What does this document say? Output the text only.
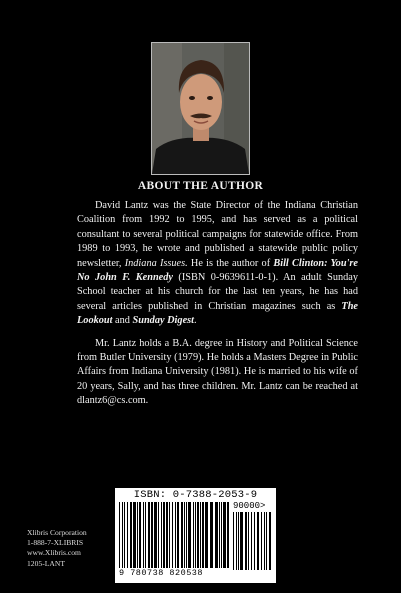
ABOUT THE AUTHOR

David Lantz was the State Director of the Indiana Christian Coalition from 1992 to 1995, and has served as a political consultant to several political campaigns for statewide office. From 1989 to 1993, he wrote and published a statewide public policy newsletter, Indiana Issues. He is the author of Bill Clinton: You're No John F. Kennedy (ISBN 0-9639611-0-1). An adult Sunday School teacher at his church for the last ten years, he has had several articles published in Christian magazines such as The Lookout and Sunday Digest.

Mr. Lantz holds a B.A. degree in History and Political Science from Butler University (1979). He holds a Masters Degree in Public Affairs from Indiana University (1981). He is married to his wife of 20 years, Sally, and has three children. Mr. Lantz can be reached at dlantz6@cs.com.

Xlibris Corporation
1-888-7-XLIBRIS
www.Xlibris.com
1205-LANT
ISBN: 0-7388-2053-9
90000>
9 780738 820538
